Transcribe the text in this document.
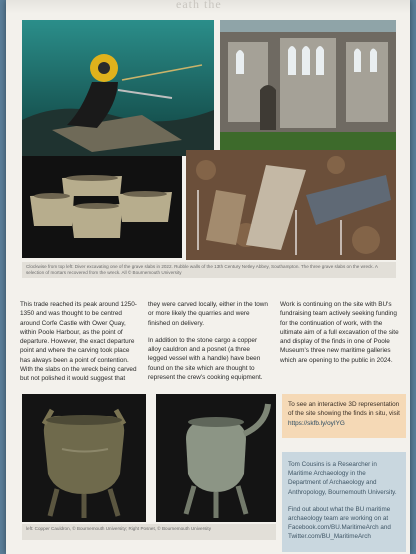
eath the
Clockwise from top left: Diver excavating one of the grave slabs in 2022. Rubble walls of the 13th Century Netley Abbey, Southampton. The three grave slabs on the wreck. A selection of mortars recovered from the wreck. All © Bournemouth University

This trade reached its peak around 1250-1350 and was thought to be centred around Corfe Castle with Ower Quay, within Poole Harbour, as the point of departure. However, the exact departure point and where the carving took place has always been a point of contention. With the slabs on the wreck being carved but not polished it would suggest that

they were carved locally, either in the town or more likely the quarries and were finished on delivery.

In addition to the stone cargo a copper alloy cauldron and a posnet (a three legged vessel with a handle) have been found on the site which are thought to represent the crew's cooking equipment.

Work is continuing on the site with BU's fundraising team actively seeking funding for the continuation of work, with the ultimate aim of a full excavation of the site and display of the finds in one of Poole Museum's three new maritime galleries which are opening to the public in 2024.

left: Copper Cauldron, © Bournemouth University; Right Posnet, © Bournemouth University
To see an interactive 3D representation of the site showing the finds in situ, visit https://skfb.ly/oyIYG

Tom Cousins is a Researcher in Maritime Archaeology in the Department of Archaeology and Anthropology, Bournemouth University.

Find out about what the BU maritime archaeology team are working on at Facebook.com/BU.MaritimeArch and Twitter.com/BU_MaritimeArch
